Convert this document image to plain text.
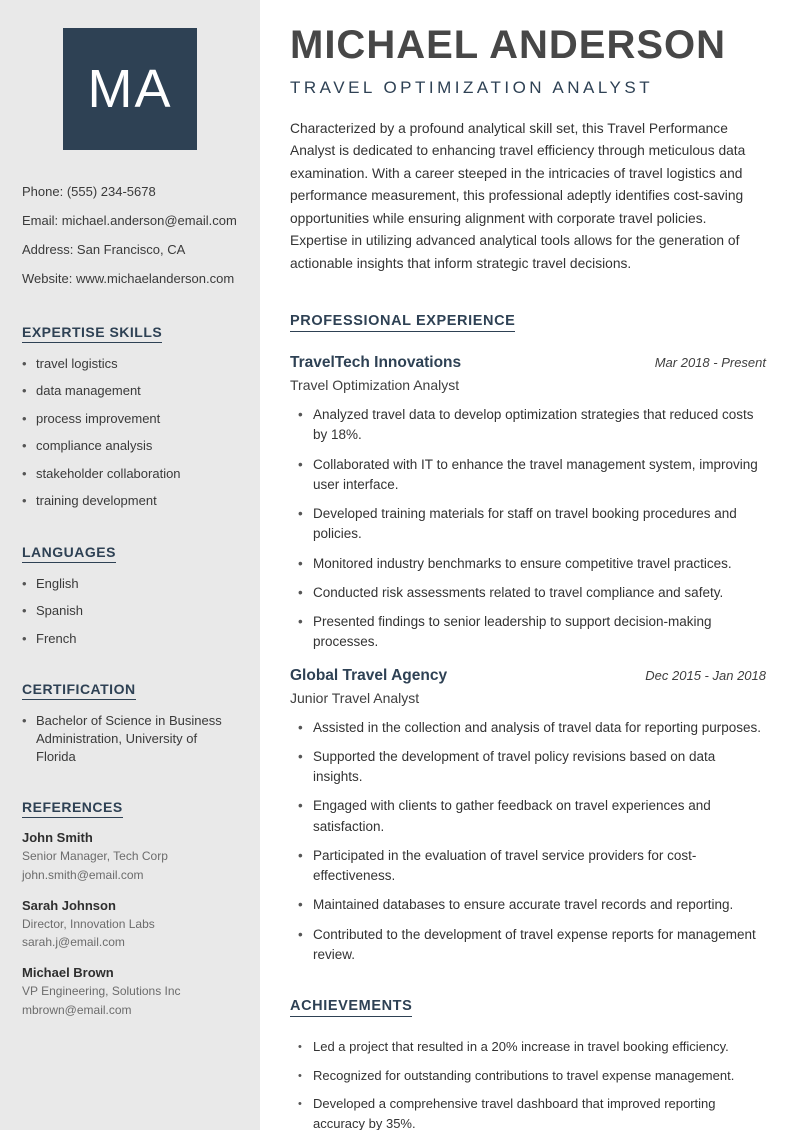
MA
Phone: (555) 234-5678
Email: michael.anderson@email.com
Address: San Francisco, CA
Website: www.michaelanderson.com
EXPERTISE SKILLS
• travel logistics
• data management
• process improvement
• compliance analysis
• stakeholder collaboration
• training development
LANGUAGES
• English
• Spanish
• French
CERTIFICATION
• Bachelor of Science in Business Administration, University of Florida
REFERENCES
John Smith
Senior Manager, Tech Corp
john.smith@email.com
Sarah Johnson
Director, Innovation Labs
sarah.j@email.com
Michael Brown
VP Engineering, Solutions Inc
mbrown@email.com
MICHAEL ANDERSON
TRAVEL OPTIMIZATION ANALYST

Characterized by a profound analytical skill set, this Travel Performance Analyst is dedicated to enhancing travel efficiency through meticulous data examination. With a career steeped in the intricacies of travel logistics and performance measurement, this professional adeptly identifies cost-saving opportunities while ensuring alignment with corporate travel policies. Expertise in utilizing advanced analytical tools allows for the generation of actionable insights that inform strategic travel decisions.

PROFESSIONAL EXPERIENCE
TravelTech Innovations	Mar 2018 - Present
Travel Optimization Analyst
• Analyzed travel data to develop optimization strategies that reduced costs by 18%.
• Collaborated with IT to enhance the travel management system, improving user interface.
• Developed training materials for staff on travel booking procedures and policies.
• Monitored industry benchmarks to ensure competitive travel practices.
• Conducted risk assessments related to travel compliance and safety.
• Presented findings to senior leadership to support decision-making processes.
Global Travel Agency	Dec 2015 - Jan 2018
Junior Travel Analyst
• Assisted in the collection and analysis of travel data for reporting purposes.
• Supported the development of travel policy revisions based on data insights.
• Engaged with clients to gather feedback on travel experiences and satisfaction.
• Participated in the evaluation of travel service providers for cost-effectiveness.
• Maintained databases to ensure accurate travel records and reporting.
• Contributed to the development of travel expense reports for management review.
ACHIEVEMENTS
• Led a project that resulted in a 20% increase in travel booking efficiency.
• Recognized for outstanding contributions to travel expense management.
• Developed a comprehensive travel dashboard that improved reporting accuracy by 35%.
